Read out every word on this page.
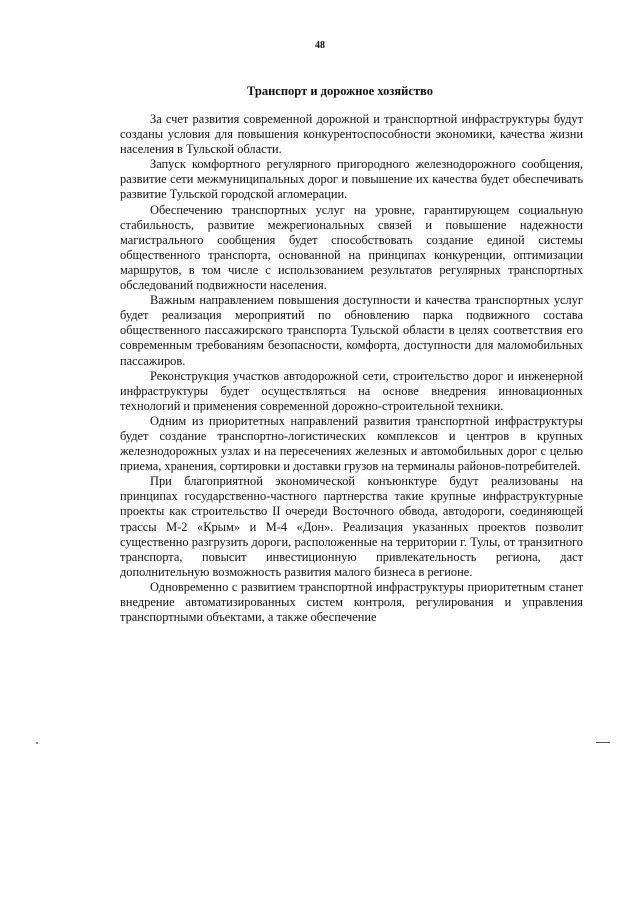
48
Транспорт и дорожное хозяйство

За счет развития современной дорожной и транспортной инфраструктуры будут созданы условия для повышения конкурентоспособности экономики, качества жизни населения в Тульской области.

Запуск комфортного регулярного пригородного железнодорожного сообщения, развитие сети межмуниципальных дорог и повышение их качества будет обеспечивать развитие Тульской городской агломерации.

Обеспечению транспортных услуг на уровне, гарантирующем социальную стабильность, развитие межрегиональных связей и повышение надежности магистрального сообщения будет способствовать создание единой системы общественного транспорта, основанной на принципах конкуренции, оптимизации маршрутов, в том числе с использованием результатов регулярных транспортных обследований подвижности населения.

Важным направлением повышения доступности и качества транспортных услуг будет реализация мероприятий по обновлению парка подвижного состава общественного пассажирского транспорта Тульской области в целях соответствия его современным требованиям безопасности, комфорта, доступности для маломобильных пассажиров.

Реконструкция участков автодорожной сети, строительство дорог и инженерной инфраструктуры будет осуществляться на основе внедрения инновационных технологий и применения современной дорожно-строительной техники.

Одним из приоритетных направлений развития транспортной инфраструктуры будет создание транспортно-логистических комплексов и центров в крупных железнодорожных узлах и на пересечениях железных и автомобильных дорог с целью приема, хранения, сортировки и доставки грузов на терминалы районов-потребителей.

При благоприятной экономической конъюнктуре будут реализованы на принципах государственно-частного партнерства такие крупные инфраструктурные проекты как строительство II очереди Восточного обвода, автодороги, соединяющей трассы М-2 «Крым» и М-4 «Дон». Реализация указанных проектов позволит существенно разгрузить дороги, расположенные на территории г. Тулы, от транзитного транспорта, повысит инвестиционную привлекательность региона, даст дополнительную возможность развития малого бизнеса в регионе.

Одновременно с развитием транспортной инфраструктуры приоритетным станет внедрение автоматизированных систем контроля, регулирования и управления транспортными объектами, а также обеспечение
